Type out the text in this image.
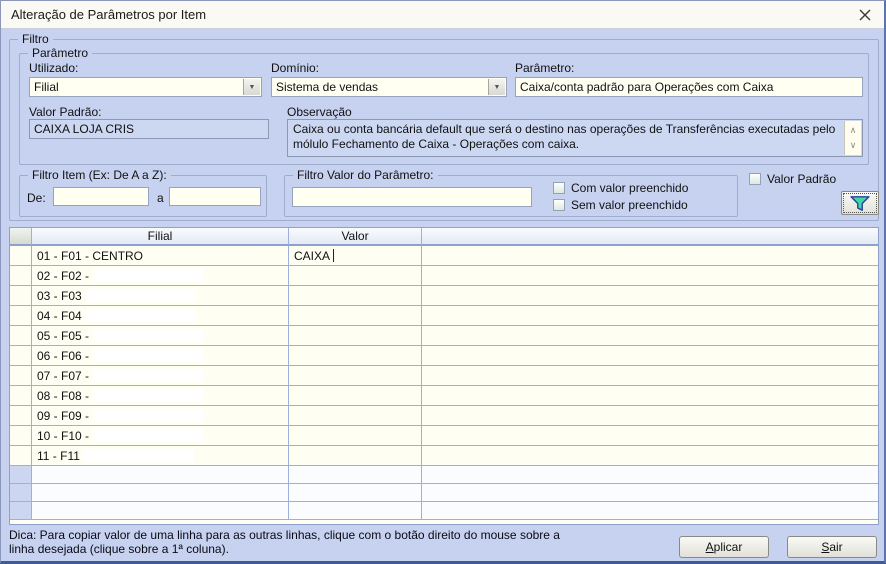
Alteração de Parâmetros por Item
Filtro
Parâmetro
Utilizado:
Filial	▼
Domínio:
Sistema de vendas	▼
Parâmetro:
Caixa/conta padrão para Operações com Caixa
Valor Padrão:
CAIXA LOJA CRIS
Observação
Caixa ou conta bancária default que será o destino nas operações de Transferências executadas pelo mólulo Fechamento de Caixa - Operações com caixa.
∧
∨
Filtro Item (Ex: De A a Z):
De:	a
Filtro Valor do Parâmetro:
Com valor preenchido
Sem valor preenchido
Valor Padrão
Filial	Valor
01 - F01 - CENTRO	CAIXA
02 - F02 -
03 - F03
04 - F04
05 - F05 -
06 - F06 -
07 - F07 -
08 - F08 -
09 - F09 -
10 - F10 -
11 - F11
Dica: Para copiar valor de uma linha para as outras linhas, clique com o botão direito do mouse sobre a
linha desejada (clique sobre a 1ª coluna).	A plicar	S air
